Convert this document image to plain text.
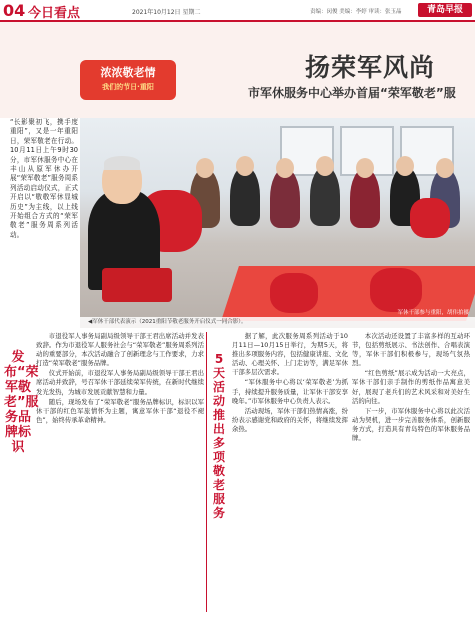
04 今日看点	2021年10月12日 星期二	责编：闵俊 美编：李婷 审读：张玉晶	青岛早报
浓浓敬老情
我们的节日·重阳
扬荣军风尚
市军休服务中心举办首届“荣军敬老”服
“长影聚初飞，携手度重阳”，又是一年重阳日，荣军敬老在行动。10月11日上午9时30分，市军休服务中心在丰山从原军休办开展“荣军敬老”服务周系列活动启动仪式，正式开启以“敬敬军休显城历史”为主线，以上线开始组合方式的“荣军敬老”服务周系列活动。
军休干部参与重阳，胡伟拍摄
◀军休干部代表演示（2021重阳节敬老服务开启仪式一同合影）。
发布“荣军敬老”服务品牌标识
5天活动推出多项敬老服务

市退役军人事务局副局级领导干部王君出席活动并发表致辞。作为市退役军人服务社会与“荣军敬老”服务周系列活动的重要部分，本次活动融合了创新理念与工作要求，力求打造“荣军敬老”服务品牌。

仪式开始前，市退役军人事务局副局级领导干部王君出席活动并致辞，号召军休干部延续荣军传统，在新时代继续发光发热，为城市发展贡献智慧和力量。

随后，现场发布了“荣军敬老”服务品牌标识，标识以军休干部的红色军旅情怀为主题，寓意军休干部“退役不褪色”，始终传承革命精神。

据了解，此次服务周系列活动于10月11日—10月15日举行，为期5天，将推出多项服务内容，包括健康讲座、文化活动、心理关怀、上门走访等，满足军休干部多层次需求。

“军休服务中心将以‘荣军敬老’为抓手，持续提升服务质量，让军休干部安享晚年。”市军休服务中心负责人表示。

活动现场，军休干部们热情高涨，纷纷表示感谢党和政府的关怀，将继续发挥余热。

本次活动还设置了丰富多样的互动环节，包括剪纸展示、书法创作、合唱表演等，军休干部们积极参与，现场气氛热烈。

“红色剪纸”展示成为活动一大亮点，军休干部们亲手制作的剪纸作品寓意美好，展现了老兵们的艺术风采和对美好生活的向往。

下一步，市军休服务中心将以此次活动为契机，进一步完善服务体系，创新服务方式，打造具有青岛特色的军休服务品牌。
